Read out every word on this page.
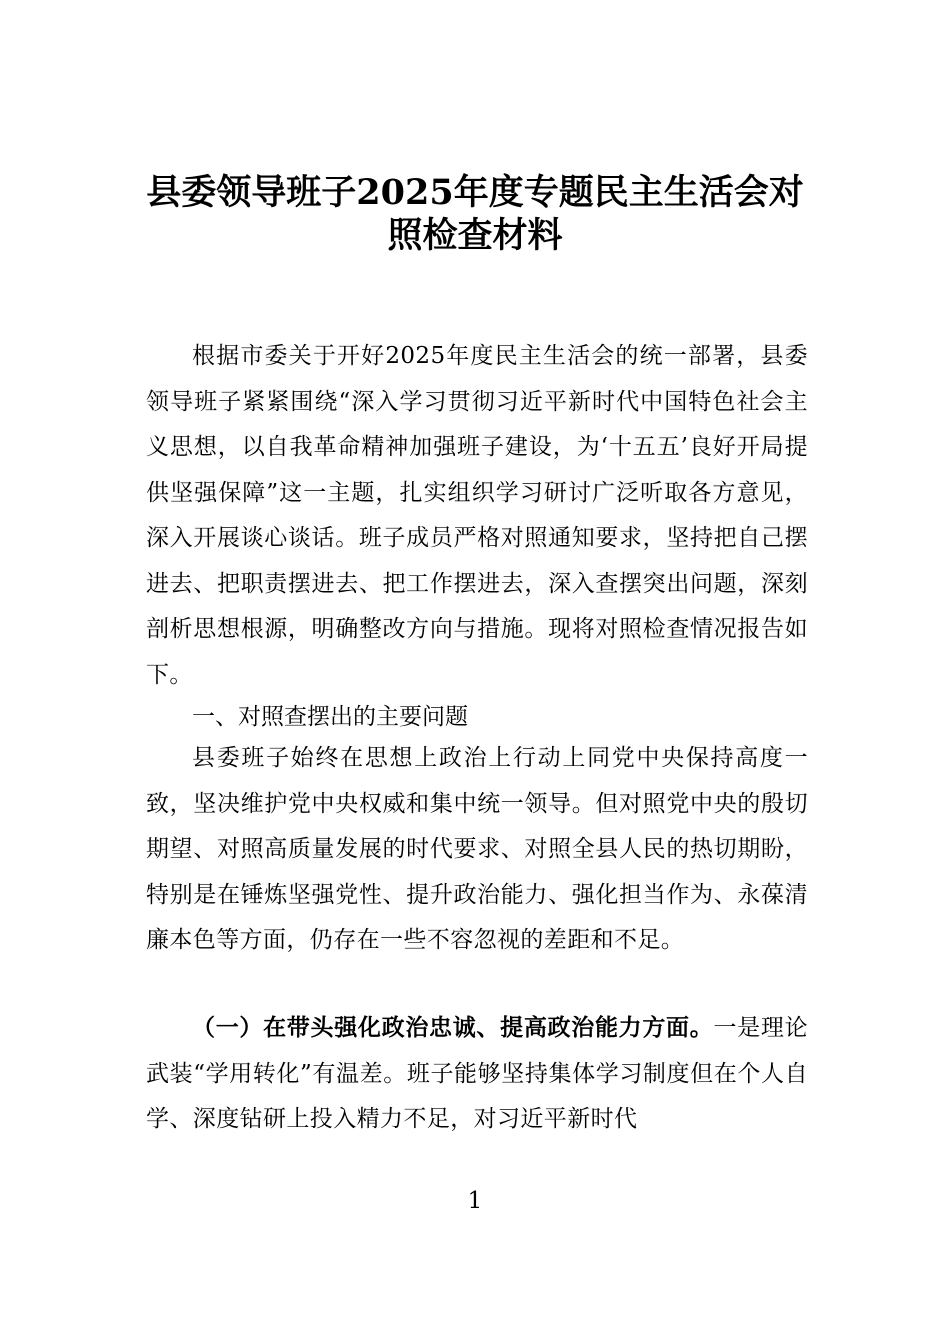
县委领导班子2025年度专题民主生活会对
照检查材料

根据市委关于开好2025年度民主生活会的统一部署，县委领导班子紧紧围绕“深入学习贯彻习近平新时代中国特色社会主义思想，以自我革命精神加强班子建设，为‘十五五’良好开局提供坚强保障”这一主题，扎实组织学习研讨广泛听取各方意见，深入开展谈心谈话。班子成员严格对照通知要求，坚持把自己摆进去、把职责摆进去、把工作摆进去，深入查摆突出问题，深刻剖析思想根源，明确整改方向与措施。现将对照检查情况报告如下。

一、对照查摆出的主要问题

县委班子始终在思想上政治上行动上同党中央保持高度一致，坚决维护党中央权威和集中统一领导。但对照党中央的殷切期望、对照高质量发展的时代要求、对照全县人民的热切期盼，特别是在锤炼坚强党性、提升政治能力、强化担当作为、永葆清廉本色等方面，仍存在一些不容忽视的差距和不足。

（一）在带头强化政治忠诚、提高政治能力方面。一是理论武装“学用转化”有温差。班子能够坚持集体学习制度但在个人自学、深度钻研上投入精力不足，对习近平新时代

1
